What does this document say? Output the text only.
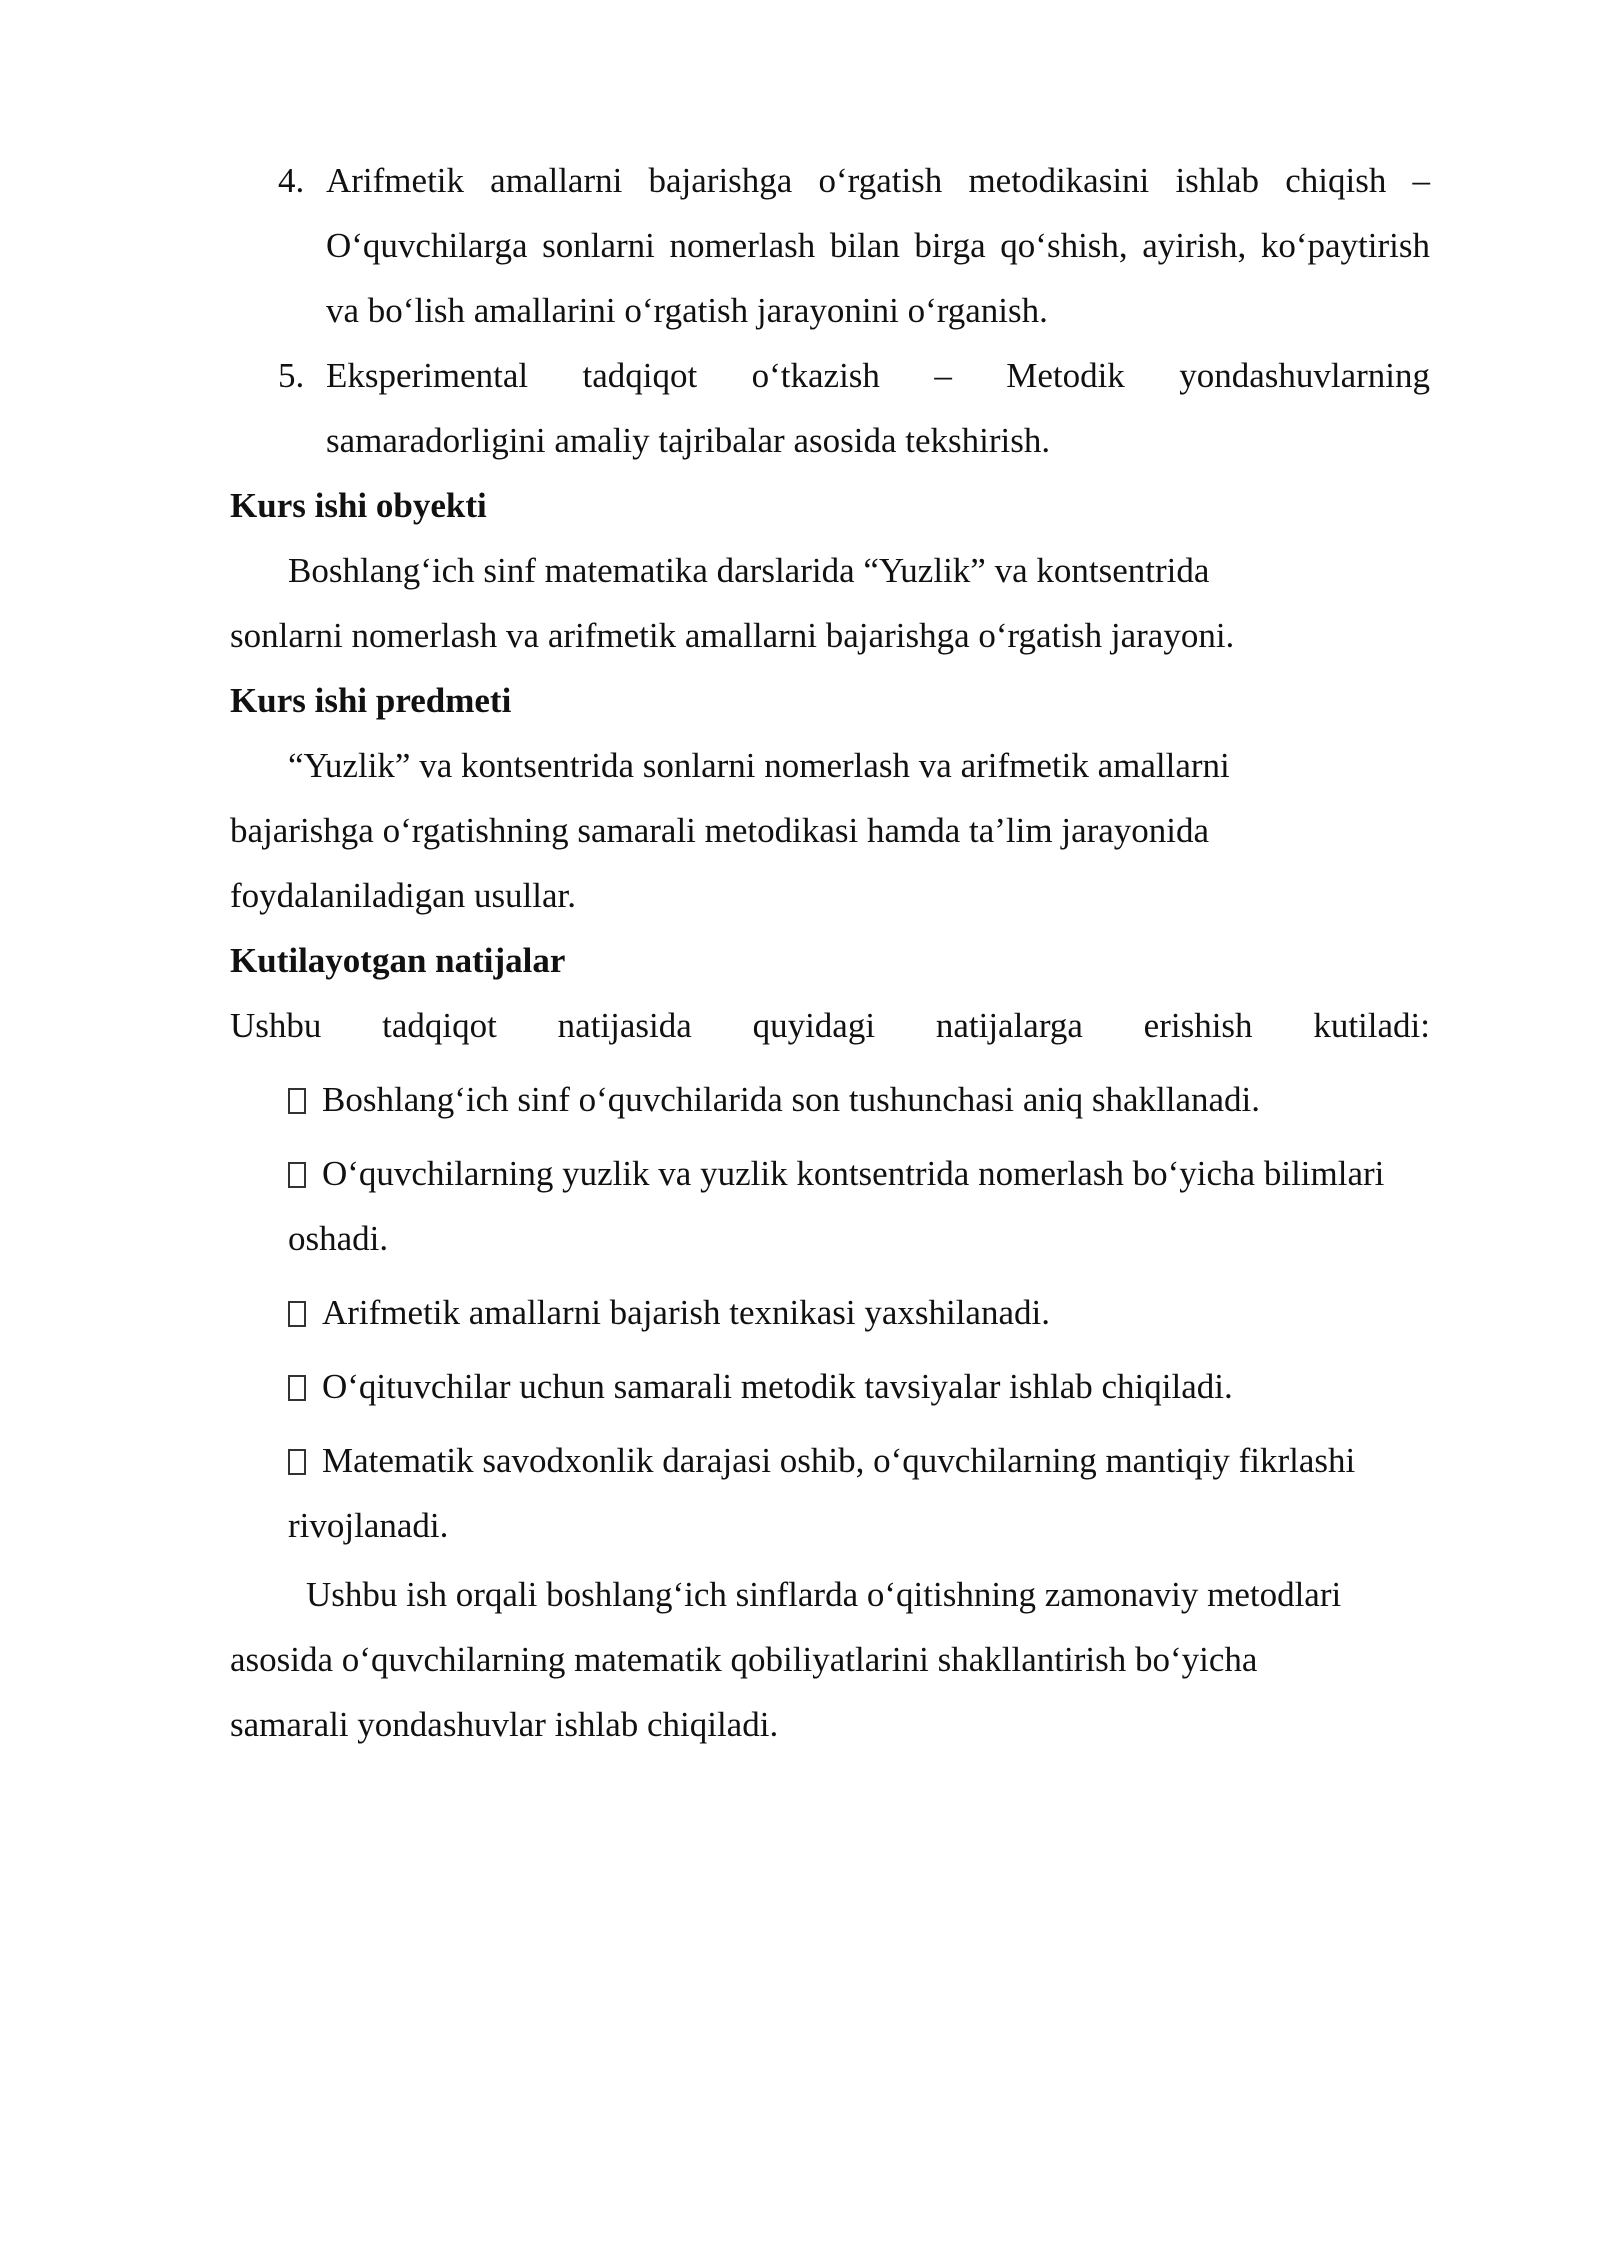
4. Arifmetik amallarni bajarishga o‘rgatish metodikasini ishlab chiqish – O‘quvchilarga sonlarni nomerlash bilan birga qo‘shish, ayirish, ko‘paytirish va bo‘lish amallarini o‘rgatish jarayonini o‘rganish.
5. Eksperimental tadqiqot o‘tkazish – Metodik yondashuvlarning samaradorligini amaliy tajribalar asosida tekshirish.
Kurs ishi obyekti
Boshlang‘ich sinf matematika darslarida “Yuzlik” va kontsentrida
sonlarni nomerlash va arifmetik amallarni bajarishga o‘rgatish jarayoni.
Kurs ishi predmeti
“Yuzlik” va kontsentrida sonlarni nomerlash va arifmetik amallarni
bajarishga o‘rgatishning samarali metodikasi hamda ta’lim jarayonida
foydalaniladigan usullar.
Kutilayotgan natijalar
Ushbu tadqiqot natijasida quyidagi natijalarga erishish kutiladi:
Boshlang‘ich sinf o‘quvchilarida son tushunchasi aniq shakllanadi.
O‘quvchilarning yuzlik va yuzlik kontsentrida nomerlash bo‘yicha bilimlari oshadi.
Arifmetik amallarni bajarish texnikasi yaxshilanadi.
O‘qituvchilar uchun samarali metodik tavsiyalar ishlab chiqiladi.
Matematik savodxonlik darajasi oshib, o‘quvchilarning mantiqiy fikrlashi rivojlanadi.
Ushbu ish orqali boshlang‘ich sinflarda o‘qitishning zamonaviy metodlari
asosida o‘quvchilarning matematik qobiliyatlarini shakllantirish bo‘yicha
samarali yondashuvlar ishlab chiqiladi.
